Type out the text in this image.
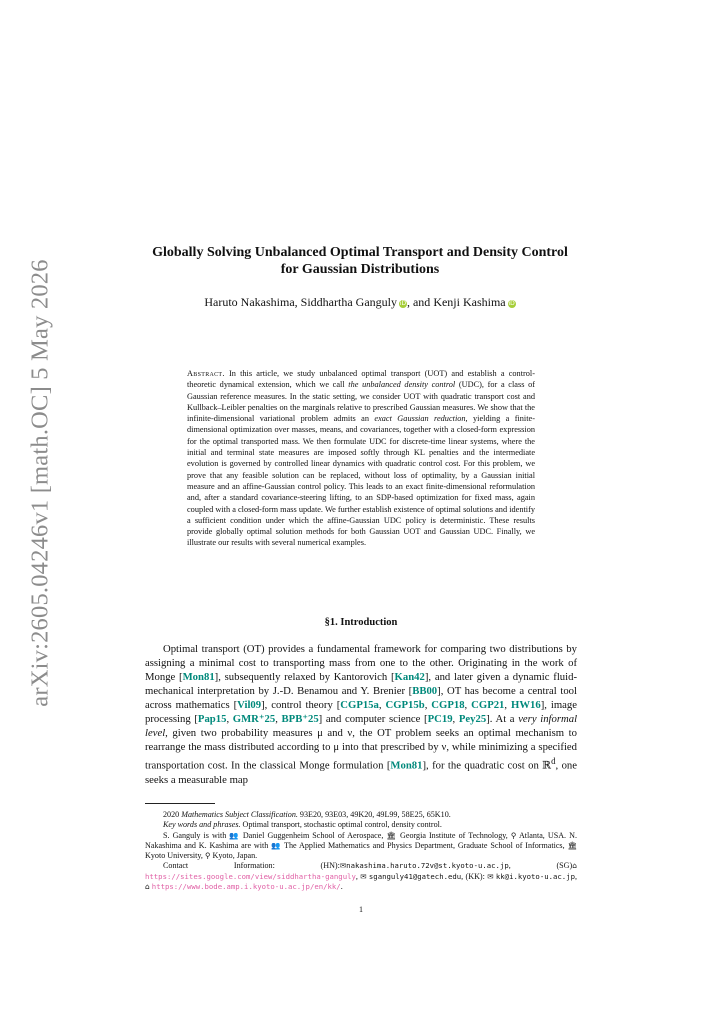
arXiv:2605.04246v1 [math.OC] 5 May 2026
Globally Solving Unbalanced Optimal Transport and Density Control
for Gaussian Distributions
Haruto Nakashima, Siddhartha Ganguly iD, and Kenji Kashima iD
Abstract. In this article, we study unbalanced optimal transport (UOT) and establish a control-theoretic dynamical extension, which we call the unbalanced density control (UDC), for a class of Gaussian reference measures. In the static setting, we consider UOT with quadratic transport cost and Kullback–Leibler penalties on the marginals relative to prescribed Gaussian measures. We show that the infinite-dimensional variational problem admits an exact Gaussian reduction, yielding a finite-dimensional optimization over masses, means, and covariances, together with a closed-form expression for the optimal transported mass. We then formulate UDC for discrete-time linear systems, where the initial and terminal state measures are imposed softly through KL penalties and the intermediate evolution is governed by controlled linear dynamics with quadratic control cost. For this problem, we prove that any feasible solution can be replaced, without loss of optimality, by a Gaussian initial measure and an affine-Gaussian control policy. This leads to an exact finite-dimensional reformulation and, after a standard covariance-steering lifting, to an SDP-based optimization for fixed mass, again coupled with a closed-form mass update. We further establish existence of optimal solutions and identify a sufficient condition under which the affine-Gaussian UDC policy is deterministic. These results provide globally optimal solution methods for both Gaussian UOT and Gaussian UDC. Finally, we illustrate our results with several numerical examples.
§1. Introduction
Optimal transport (OT) provides a fundamental framework for comparing two distributions by assigning a minimal cost to transporting mass from one to the other. Originating in the work of Monge [Mon81], subsequently relaxed by Kantorovich [Kan42], and later given a dynamic fluid-mechanical interpretation by J.-D. Benamou and Y. Brenier [BB00], OT has become a central tool across mathematics [Vil09], control theory [CGP15a, CGP15b, CGP18, CGP21, HW16], image processing [Pap15, GMR⁺25, BPB⁺25] and computer science [PC19, Pey25]. At a very informal level, given two probability measures μ and ν, the OT problem seeks an optimal mechanism to rearrange the mass distributed according to μ into that prescribed by ν, while minimizing a specified transportation cost. In the classical Monge formulation [Mon81], for the quadratic cost on ℝ$^d$, one seeks a measurable map

2020 Mathematics Subject Classification. 93E20, 93E03, 49K20, 49L99, 58E25, 65K10.

Key words and phrases. Optimal transport, stochastic optimal control, density control.

S. Ganguly is with 👥 Daniel Guggenheim School of Aerospace, 🏛 Georgia Institute of Technology, ⚲ Atlanta, USA. N. Nakashima and K. Kashima are with 👥 The Applied Mathematics and Physics Department, Graduate School of Informatics, 🏛 Kyoto University, ⚲ Kyoto, Japan.

Contact Information: (HN):✉nakashima.haruto.72v@st.kyoto-u.ac.jp, (SG)⌂ https://sites.google.com/view/siddhartha-ganguly, ✉ sganguly41@gatech.edu, (KK): ✉ kk@i.kyoto-u.ac.jp, ⌂ https://www.bode.amp.i.kyoto-u.ac.jp/en/kk/.

1
